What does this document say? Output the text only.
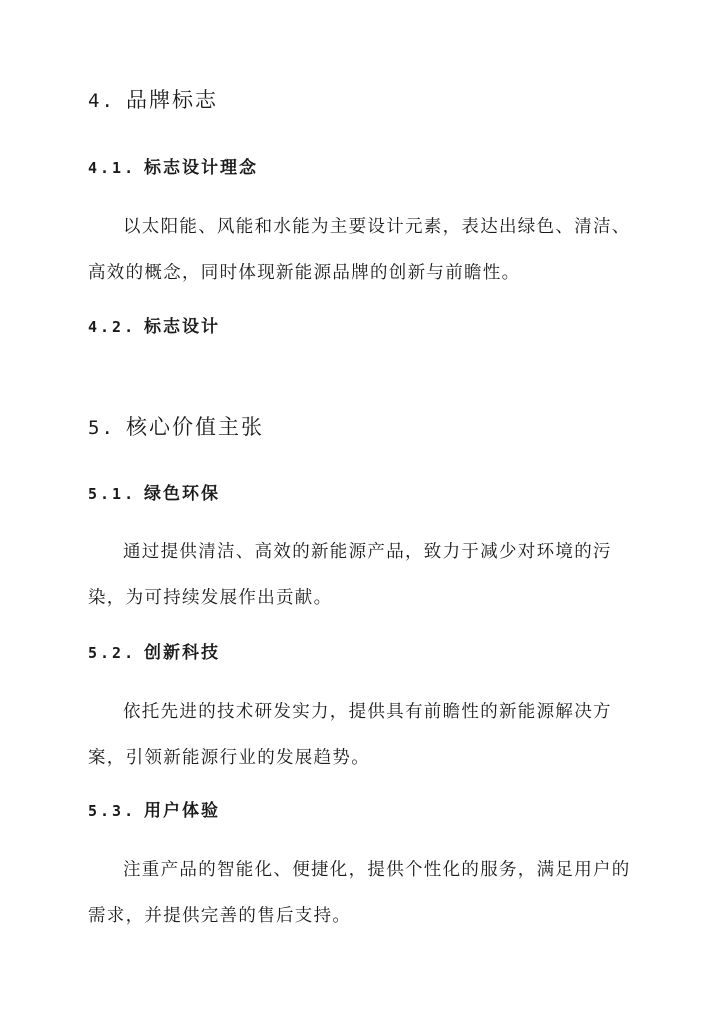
4. 品牌标志
4.1. 标志设计理念

以太阳能、风能和水能为主要设计元素，表达出绿色、清洁、高效的概念，同时体现新能源品牌的创新与前瞻性。

4.2. 标志设计
5. 核心价值主张
5.1. 绿色环保

通过提供清洁、高效的新能源产品，致力于减少对环境的污染，为可持续发展作出贡献。

5.2. 创新科技

依托先进的技术研发实力，提供具有前瞻性的新能源解决方案，引领新能源行业的发展趋势。

5.3. 用户体验

注重产品的智能化、便捷化，提供个性化的服务，满足用户的需求，并提供完善的售后支持。
